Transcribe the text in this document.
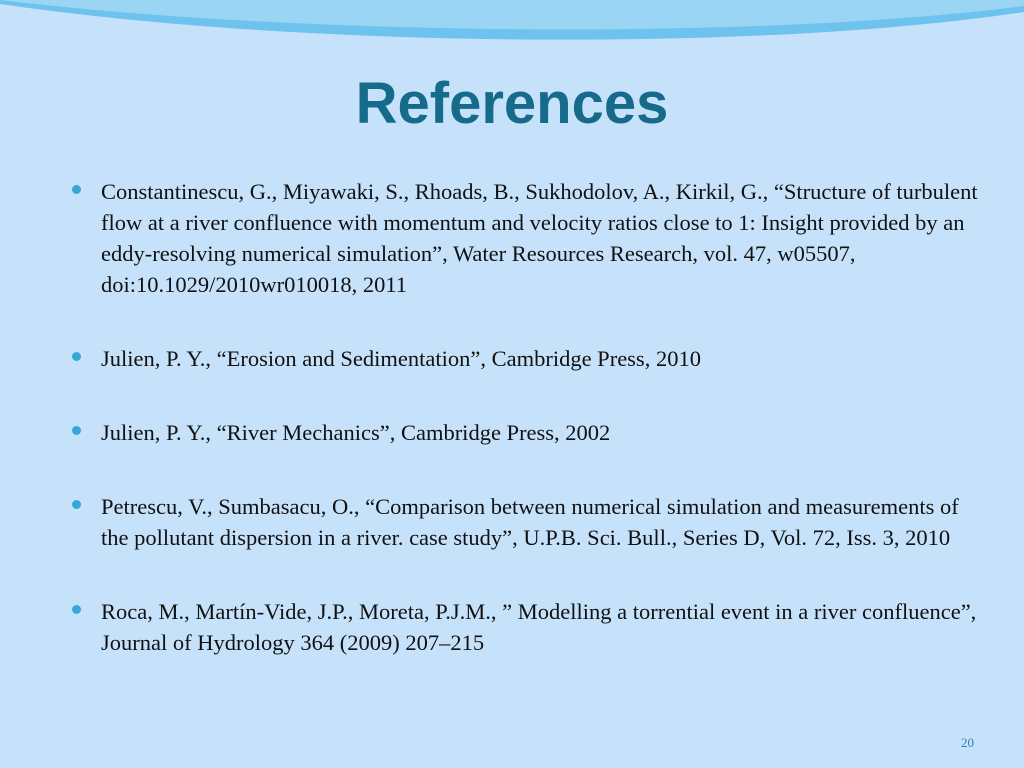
References
Constantinescu, G., Miyawaki, S., Rhoads, B., Sukhodolov, A., Kirkil, G., “Structure of turbulent flow at a river confluence with momentum and velocity ratios close to 1: Insight provided by an eddy-resolving numerical simulation”, Water Resources Research, vol. 47, w05507, doi:10.1029/2010wr010018, 2011
Julien, P. Y., “Erosion and Sedimentation”, Cambridge Press, 2010
Julien, P. Y., “River Mechanics”, Cambridge Press, 2002
Petrescu, V., Sumbasacu, O., “Comparison between numerical simulation and measurements of the pollutant dispersion in a river. case study”, U.P.B. Sci. Bull., Series D, Vol. 72, Iss. 3, 2010
Roca, M., Martín-Vide, J.P., Moreta, P.J.M., ” Modelling a torrential event in a river confluence”, Journal of Hydrology 364 (2009) 207–215
20
